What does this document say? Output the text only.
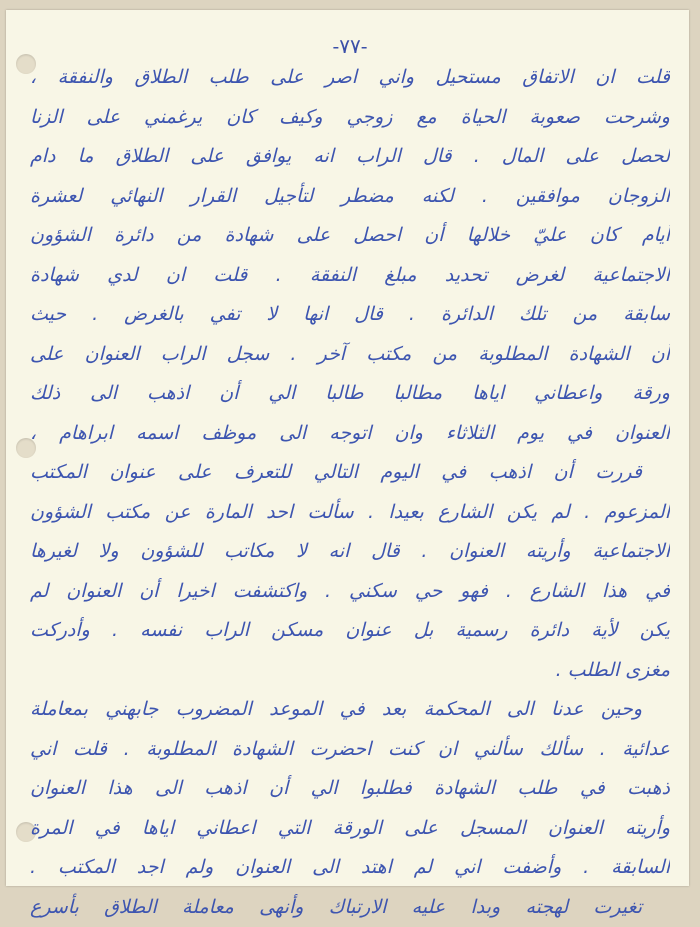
-٧٧-
قلت ان الاتفاق مستحيل واني اصر على طلب الطلاق والنفقة ،
وشرحت صعوبة الحياة مع زوجي وكيف كان يرغمني على الزنا
لحصل على المال . قال الراب انه يوافق على الطلاق ما دام
الزوجان موافقين . لكنه مضطر لتأجيل القرار النهائي لعشرة
أيام كان عليّ خلالها أن احصل على شهادة من دائرة الشؤون
الاجتماعية لغرض تحديد مبلغ النفقة . قلت ان لدي شهادة
سابقة من تلك الدائرة . قال انها لا تفي بالغرض . حيث
أن الشهادة المطلوبة من مكتب آخر . سجل الراب العنوان على
ورقة واعطاني اياها مطالبا طالبا الي أن اذهب الى ذلك
العنوان في يوم الثلاثاء وان اتوجه الى موظف اسمه ابراهام ،
قررت أن اذهب في اليوم التالي للتعرف على عنوان المكتب
المزعوم . لم يكن الشارع بعيدا . سألت احد المارة عن مكتب الشؤون
الاجتماعية وأريته العنوان . قال انه لا مكاتب للشؤون ولا لغيرها
في هذا الشارع . فهو حي سكني . واكتشفت اخيرا أن العنوان لم
يكن لأية دائرة رسمية بل عنوان مسكن الراب نفسه . وأدركت
مغزى الطلب .
وحين عدنا الى المحكمة بعد في الموعد المضروب جابهني بمعاملة
عدائية . سألك سألني ان كنت احضرت الشهادة المطلوبة . قلت اني
ذهبت في طلب الشهادة فطلبوا الي أن اذهب الى هذا العنوان
وأريته العنوان المسجل على الورقة التي اعطاني اياها في المرة
السابقة . وأضفت اني لم اهتد الى العنوان ولم اجد المكتب .
تغيرت لهجته وبدا عليه الارتباك وأنهى معاملة الطلاق بأسرع
